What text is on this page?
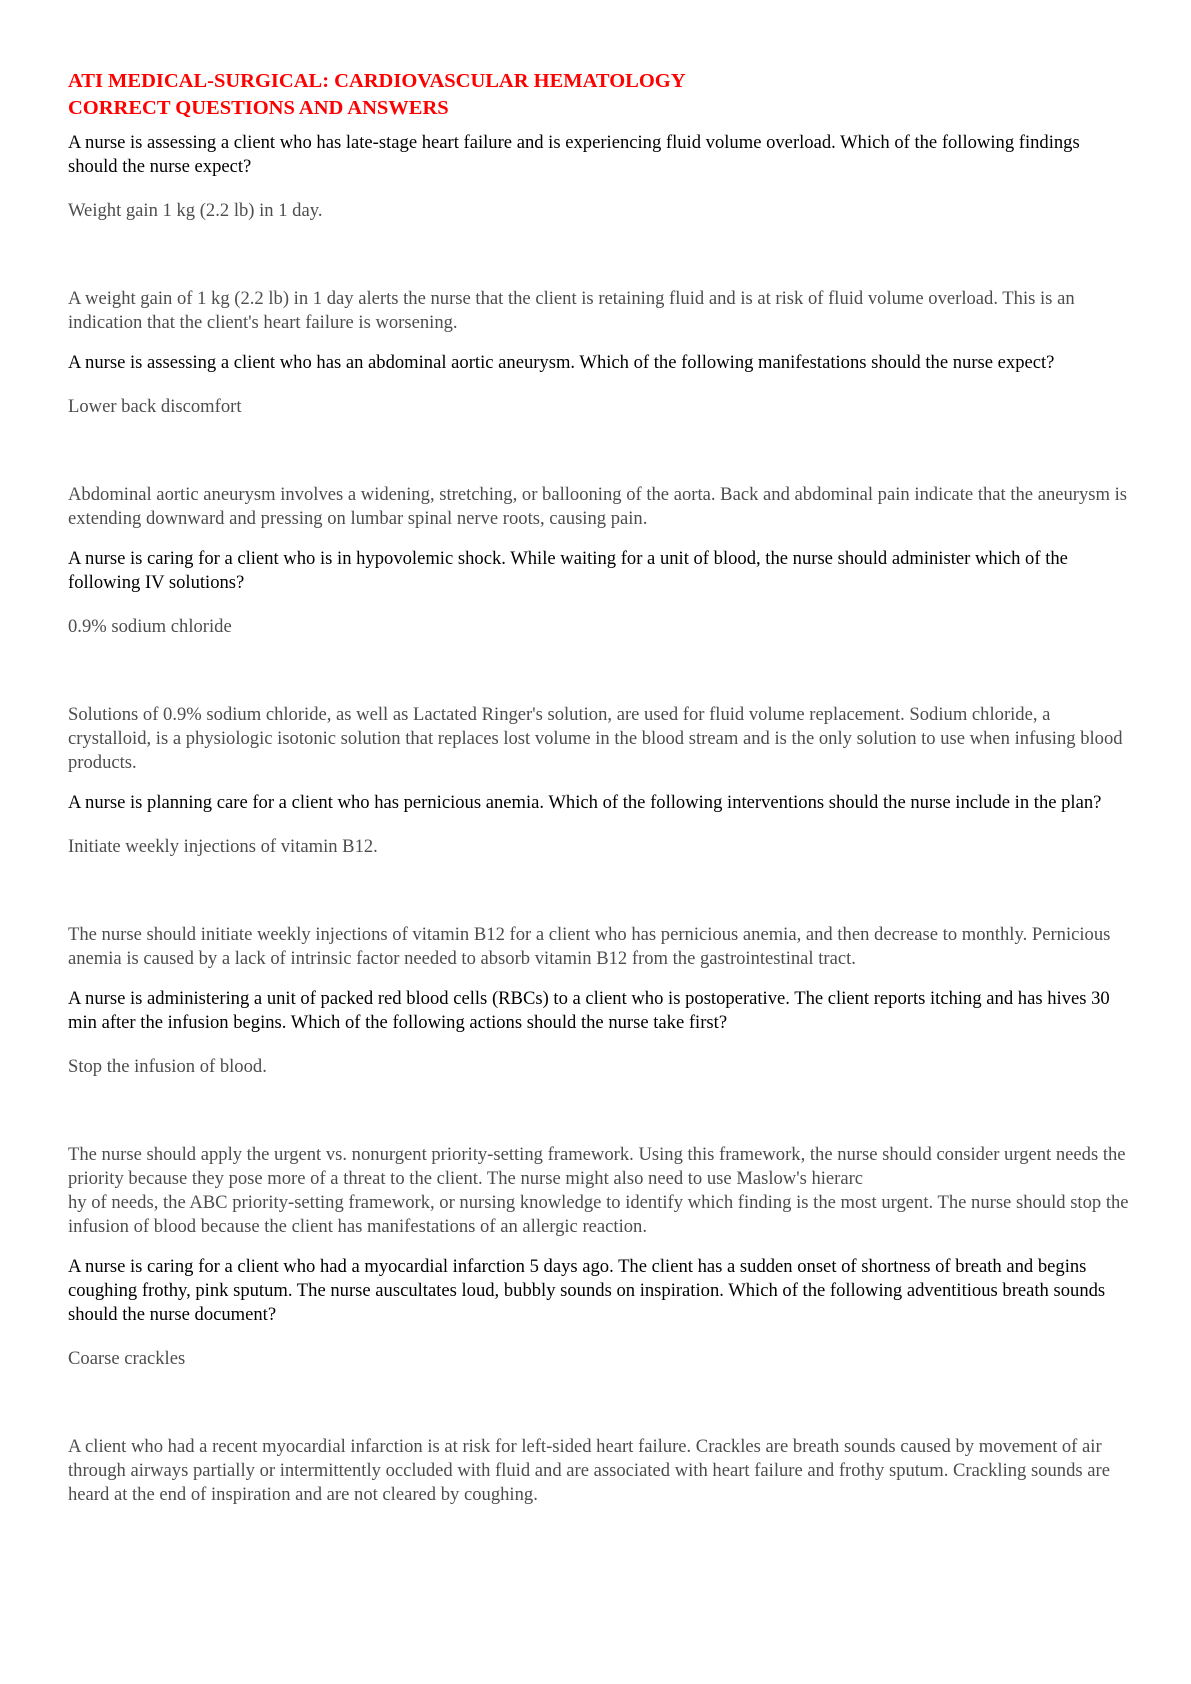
ATI MEDICAL-SURGICAL: CARDIOVASCULAR HEMATOLOGY
CORRECT QUESTIONS AND ANSWERS

A nurse is assessing a client who has late-stage heart failure and is experiencing fluid volume overload. Which of the following findings should the nurse expect?

Weight gain 1 kg (2.2 lb) in 1 day.

A weight gain of 1 kg (2.2 lb) in 1 day alerts the nurse that the client is retaining fluid and is at risk of fluid volume overload. This is an indication that the client's heart failure is worsening.

A nurse is assessing a client who has an abdominal aortic aneurysm. Which of the following manifestations should the nurse expect?

Lower back discomfort

Abdominal aortic aneurysm involves a widening, stretching, or ballooning of the aorta. Back and abdominal pain indicate that the aneurysm is extending downward and pressing on lumbar spinal nerve roots, causing pain.

A nurse is caring for a client who is in hypovolemic shock. While waiting for a unit of blood, the nurse should administer which of the following IV solutions?

0.9% sodium chloride

Solutions of 0.9% sodium chloride, as well as Lactated Ringer's solution, are used for fluid volume replacement. Sodium chloride, a crystalloid, is a physiologic isotonic solution that replaces lost volume in the blood stream and is the only solution to use when infusing blood products.

A nurse is planning care for a client who has pernicious anemia. Which of the following interventions should the nurse include in the plan?

Initiate weekly injections of vitamin B12.

The nurse should initiate weekly injections of vitamin B12 for a client who has pernicious anemia, and then decrease to monthly. Pernicious anemia is caused by a lack of intrinsic factor needed to absorb vitamin B12 from the gastrointestinal tract.

A nurse is administering a unit of packed red blood cells (RBCs) to a client who is postoperative. The client reports itching and has hives 30 min after the infusion begins. Which of the following actions should the nurse take first?

Stop the infusion of blood.

The nurse should apply the urgent vs. nonurgent priority-setting framework. Using this framework, the nurse should consider urgent needs the priority because they pose more of a threat to the client. The nurse might also need to use Maslow's hierarc
hy of needs, the ABC priority-setting framework, or nursing knowledge to identify which finding is the most urgent. The nurse should stop the infusion of blood because the client has manifestations of an allergic reaction.

A nurse is caring for a client who had a myocardial infarction 5 days ago. The client has a sudden onset of shortness of breath and begins coughing frothy, pink sputum. The nurse auscultates loud, bubbly sounds on inspiration. Which of the following adventitious breath sounds should the nurse document?

Coarse crackles

A client who had a recent myocardial infarction is at risk for left-sided heart failure. Crackles are breath sounds caused by movement of air through airways partially or intermittently occluded with fluid and are associated with heart failure and frothy sputum. Crackling sounds are heard at the end of inspiration and are not cleared by coughing.
